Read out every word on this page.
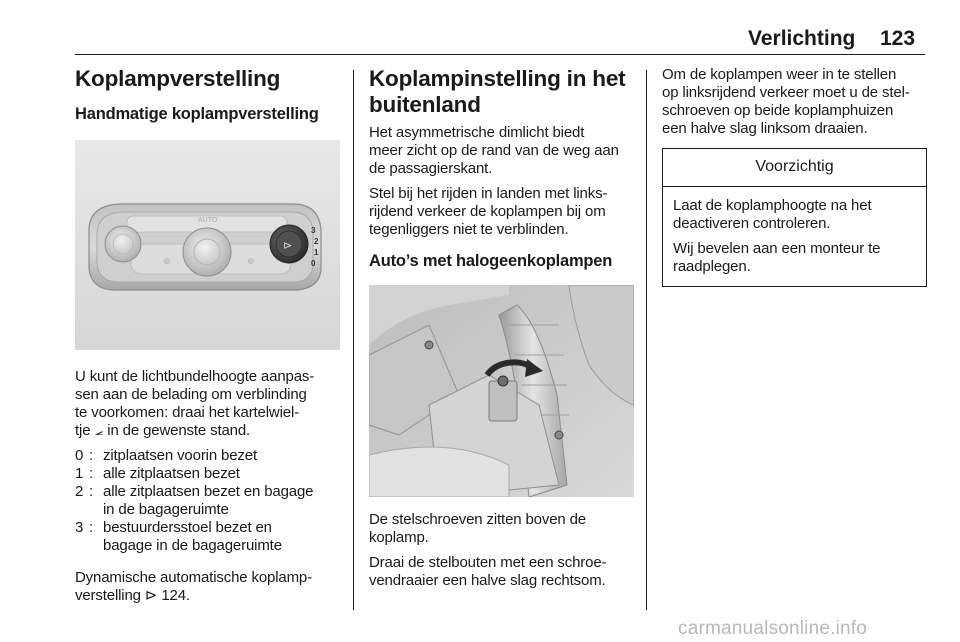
Verlichting 123
Koplampverstelling
Handmatige koplampverstelling
AUTO
⊕	⊕
⊳
3
2
1
0

U kunt de lichtbundelhoogte aanpas-
sen aan de belading om verblinding
te voorkomen: draai het kartelwiel-
tje ⦟ in de gewenste stand.

0 : zitplaatsen voorin bezet
1 : alle zitplaatsen bezet
2 : alle zitplaatsen bezet en bagage
in de bagageruimte
3 : bestuurdersstoel bezet en
bagage in de bagageruimte

Dynamische automatische koplamp-
verstelling ⊳ 124.

Koplampinstelling in het
buitenland

Het asymmetrische dimlicht biedt
meer zicht op de rand van de weg aan
de passagierskant.

Stel bij het rijden in landen met links-
rijdend verkeer de koplampen bij om
tegenliggers niet te verblinden.

Auto’s met halogeenkoplampen

De stelschroeven zitten boven de
koplamp.

Draai de stelbouten met een schroe-
vendraaier een halve slag rechtsom.

Om de koplampen weer in te stellen
op linksrijdend verkeer moet u de stel-
schroeven op beide koplamphuizen
een halve slag linksom draaien.

Voorzichtig

Laat de koplamphoogte na het
deactiveren controleren.

Wij bevelen aan een monteur te
raadplegen.

carmanualsonline.info
